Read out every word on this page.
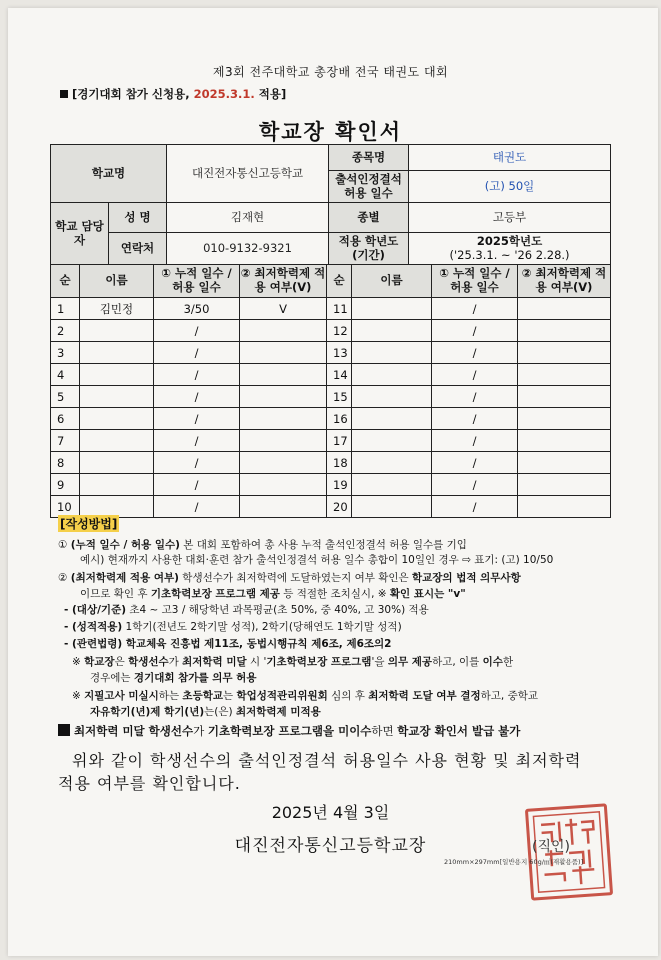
제3회 전주대학교 총장배 전국 태권도 대회
[경기대회 참가 신청용, 2025.3.1. 적용]
학교장 확인서
학교명		대진전자통신고등학교	종목명	태권도
			출석인정결석 허용 일수	(고) 50일
학교 담당자	성 명	김재현	종별	고등부
	연락처	010-9132-9321	적용 학년도 (기간)	2025학년도
('25.3.1. ~ '26 2.28.)
순	이름	① 누적 일수 / 허용 일수	② 최저학력제 적용 여부(V)	순	이름	① 누적 일수 / 허용 일수	② 최저학력제 적용 여부(V)
1	김민정	3/50	V	11		/	
2		/		12		/	
3		/		13		/	
4		/		14		/	
5		/		15		/	
6		/		16		/	
7		/		17		/	
8		/		18		/	
9		/		19		/	
10		/		20		/	
[작성방법]
① (누적 일수 / 허용 일수) 본 대회 포함하여 총 사용 누적 출석인정결석 허용 일수를 기입
예시) 현재까지 사용한 대회·훈련 참가 출석인정결석 허용 일수 총합이 10일인 경우 ⇨ 표기: (고) 10/50
② (최저학력제 적용 여부) 학생선수가 최저학력에 도달하였는지 여부 확인은 학교장의 법적 의무사항
이므로 확인 후 기초학력보장 프로그램 제공 등 적절한 조치실시, ※ 확인 표시는 "v"
- (대상/기준) 초4 ~ 고3 / 해당학년 과목평균(초 50%, 중 40%, 고 30%) 적용
- (성적적용) 1학기(전년도 2학기말 성적), 2학기(당해연도 1학기말 성적)
- (관련법령) 학교체육 진흥법 제11조, 동법시행규칙 제6조, 제6조의2
※ 학교장은 학생선수가 최저학력 미달 시 '기초학력보장 프로그램'을 의무 제공하고, 이를 이수한
경우에는 경기대회 참가를 의무 허용
※ 지필고사 미실시하는 초등학교는 학업성적관리위원회 심의 후 최저학력 도달 여부 결정하고, 중학교
자유학기(년)제 학기(년)는(은) 최저학력제 미적용
최저학력 미달 학생선수가 기초학력보장 프로그램을 미이수하면 학교장 확인서 발급 불가
위와 같이 학생선수의 출석인정결석 허용일수 사용 현황 및 최저학력
적용 여부를 확인합니다.
2025년 4월 3일
대진전자통신고등학교장	(직인)
210mm×297mm[일반용지 60g/㎡(재활용품)]
